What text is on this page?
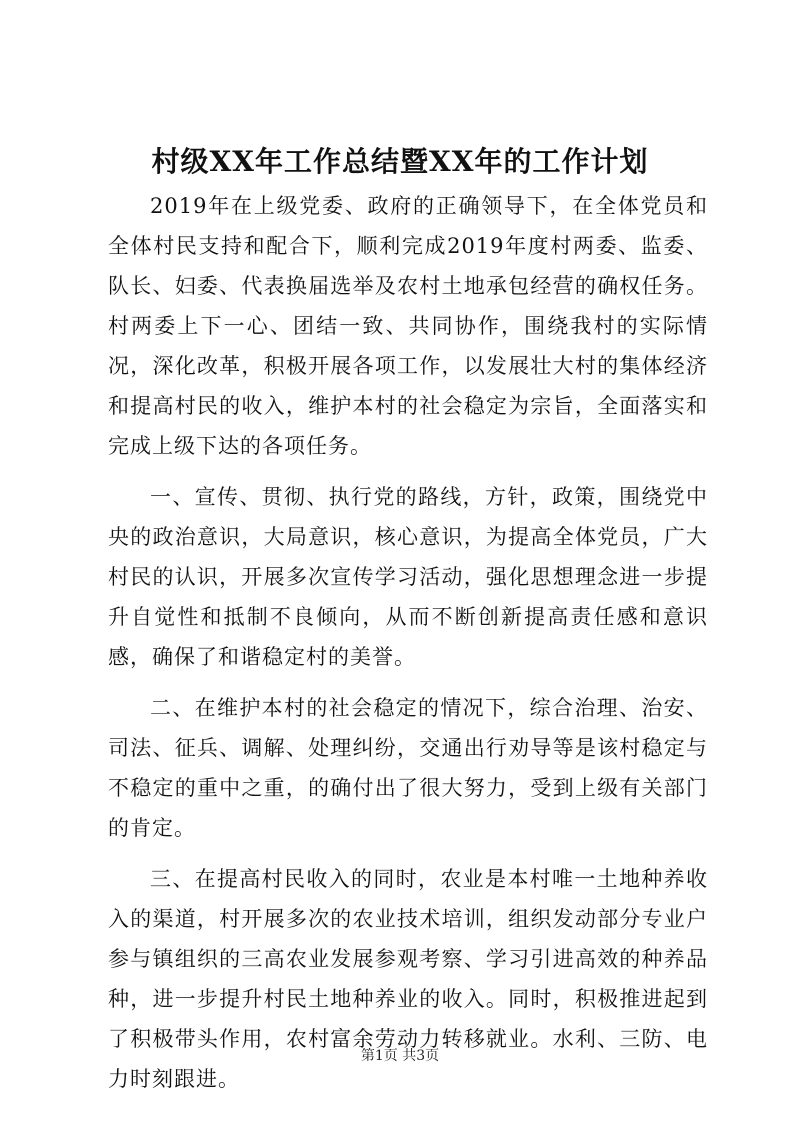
村级XX年工作总结暨XX年的工作计划

2019年在上级党委、政府的正确领导下，在全体党员和全体村民支持和配合下，顺利完成2019年度村两委、监委、队长、妇委、代表换届选举及农村土地承包经营的确权任务。村两委上下一心、团结一致、共同协作，围绕我村的实际情况，深化改革，积极开展各项工作，以发展壮大村的集体经济和提高村民的收入，维护本村的社会稳定为宗旨，全面落实和完成上级下达的各项任务。

一、宣传、贯彻、执行党的路线，方针，政策，围绕党中央的政治意识，大局意识，核心意识，为提高全体党员，广大村民的认识，开展多次宣传学习活动，强化思想理念进一步提升自觉性和抵制不良倾向，从而不断创新提高责任感和意识感，确保了和谐稳定村的美誉。

二、在维护本村的社会稳定的情况下，综合治理、治安、司法、征兵、调解、处理纠纷，交通出行劝导等是该村稳定与不稳定的重中之重，的确付出了很大努力，受到上级有关部门的肯定。

三、在提高村民收入的同时，农业是本村唯一土地种养收入的渠道，村开展多次的农业技术培训，组织发动部分专业户参与镇组织的三高农业发展参观考察、学习引进高效的种养品种，进一步提升村民土地种养业的收入。同时，积极推进起到了积极带头作用，农村富余劳动力转移就业。水利、三防、电力时刻跟进。

第1页 共3页
